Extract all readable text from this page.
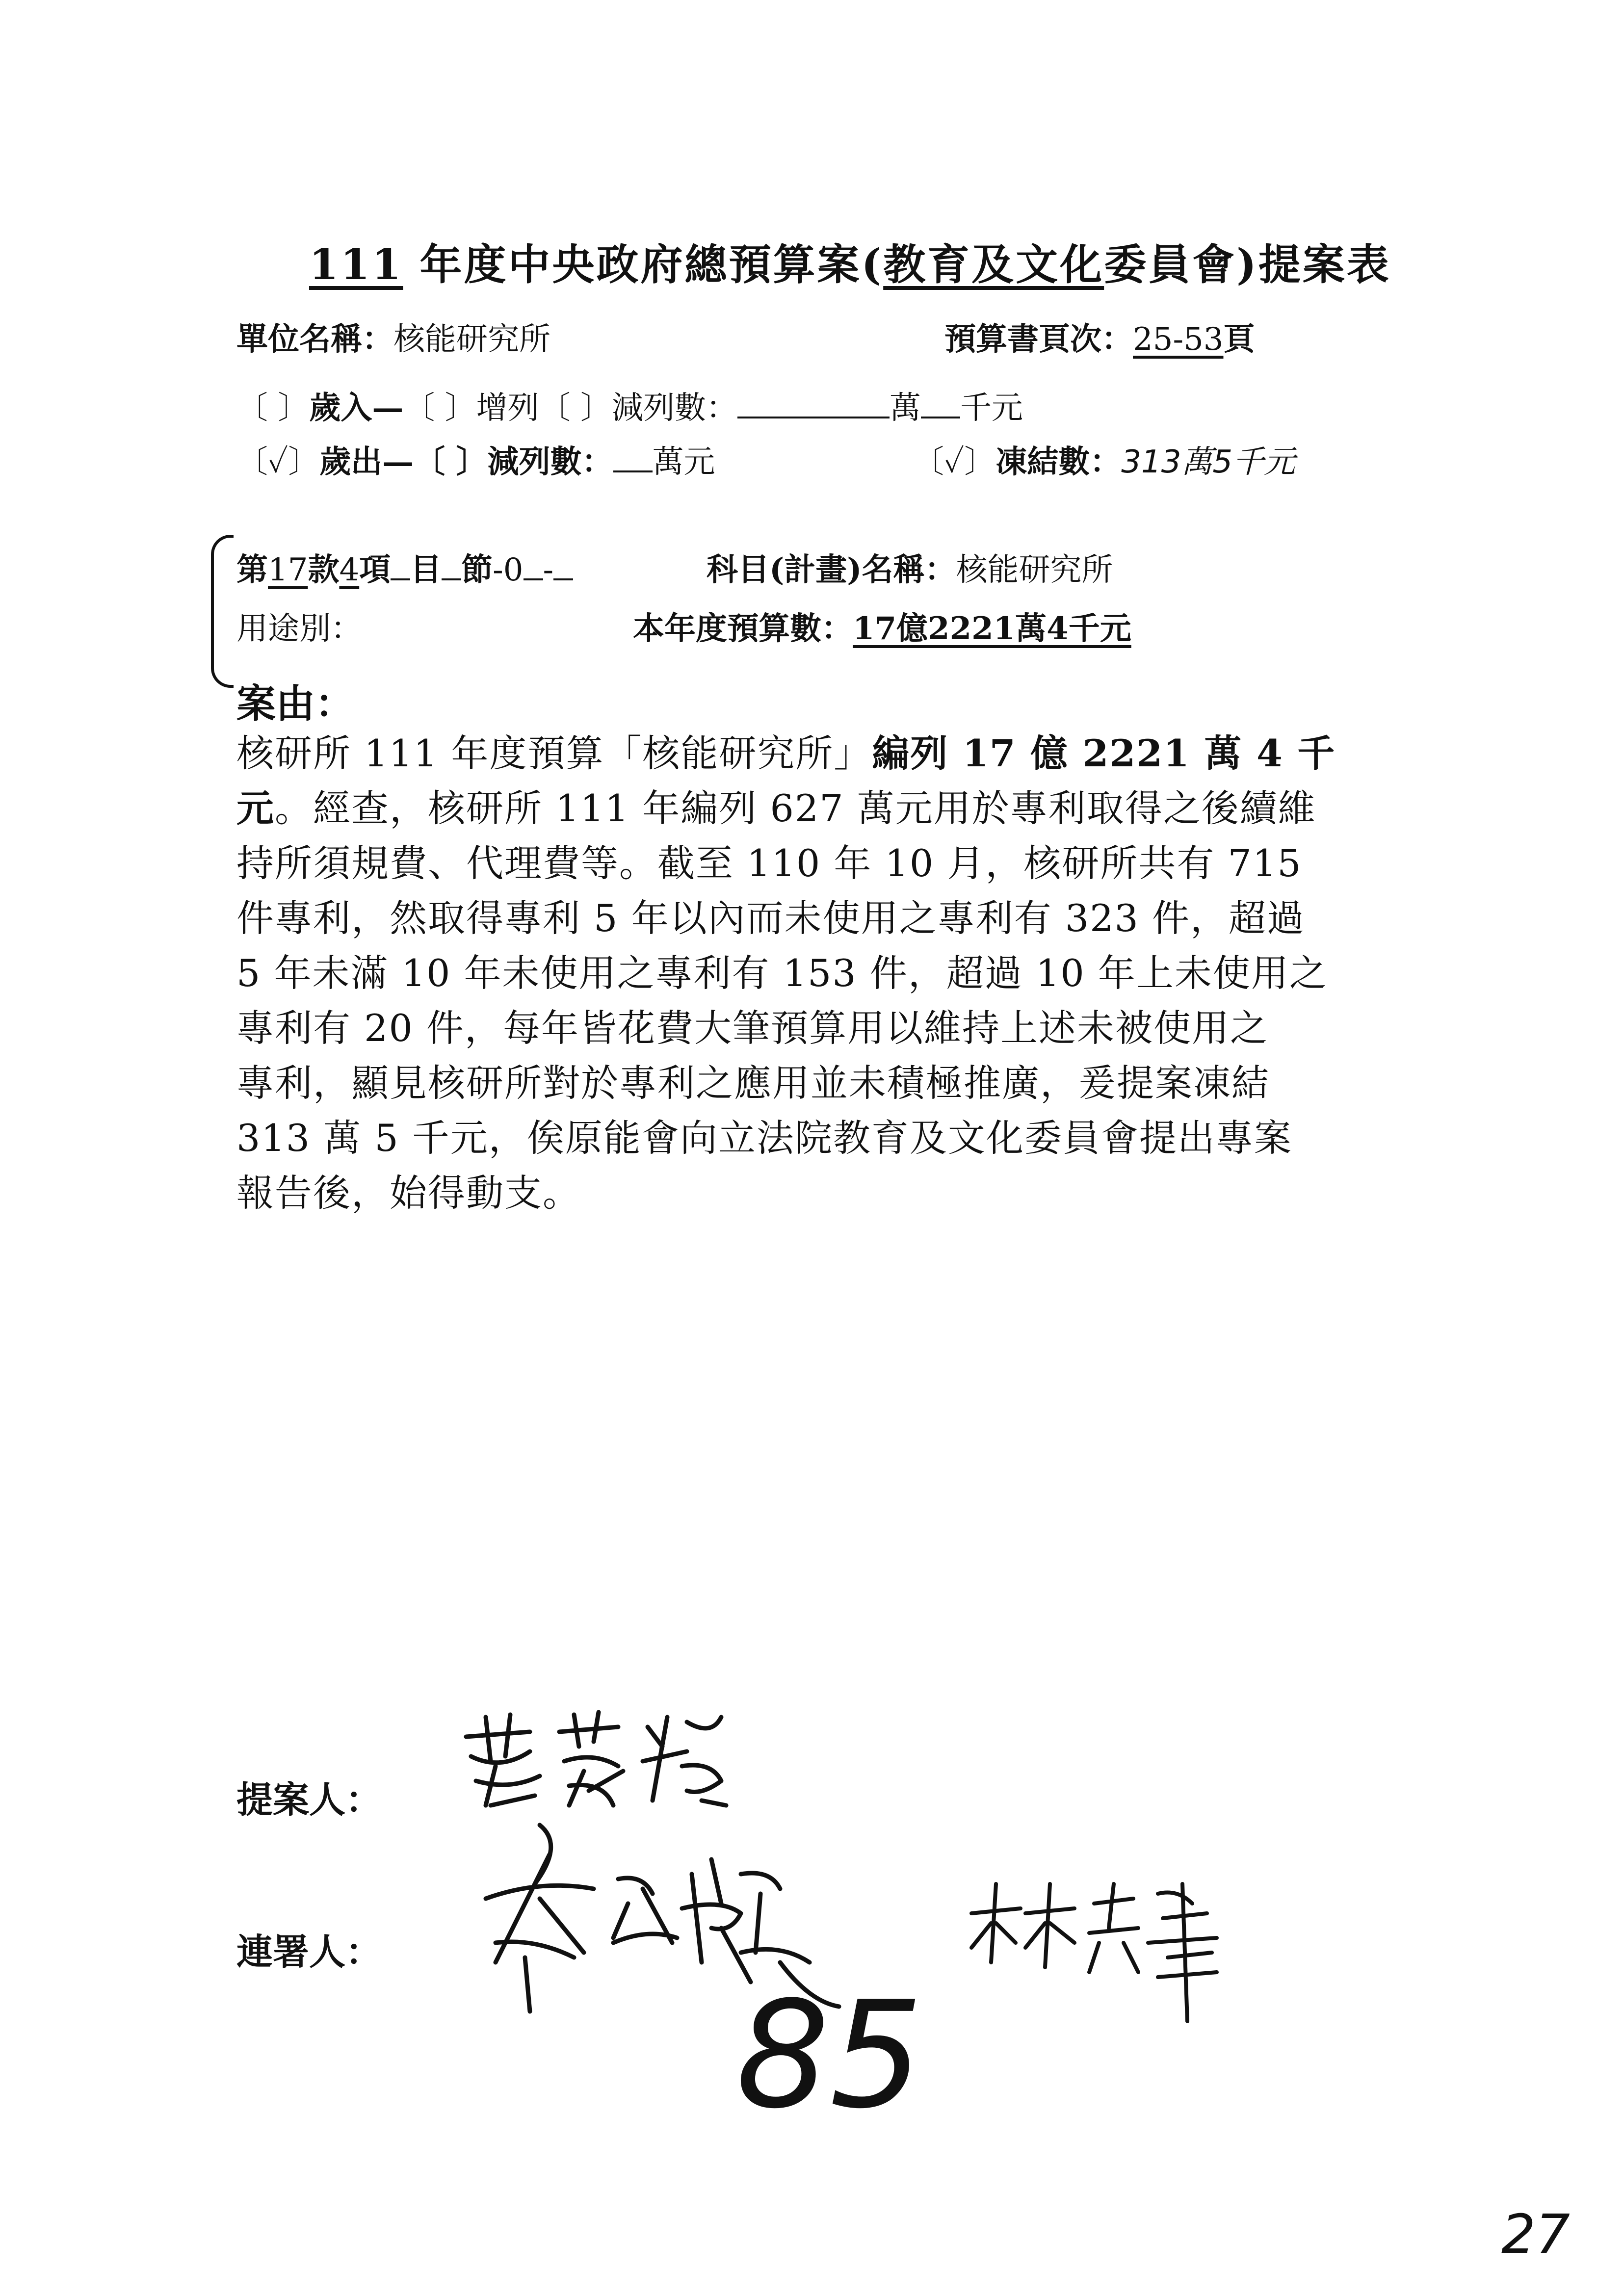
111 年度中央政府總預算案(教育及文化委員會)提案表
單位名稱：核能研究所	預算書頁次：25-53頁
〔 〕歲入—〔 〕增列〔 〕減列數：	萬 千元
〔✓〕歲出—〔 〕減列數： 萬元	〔✓〕凍結數：313萬5千元
第17款4項 目 節-0 -	科目(計畫)名稱：核能研究所
用途別：	本年度預算數：17億2221萬4千元
案由：

核研所 111 年度預算「核能研究所」編列 17 億 2221 萬 4 千

元。經查，核研所 111 年編列 627 萬元用於專利取得之後續維

持所須規費、代理費等。截至 110 年 10 月，核研所共有 715

件專利，然取得專利 5 年以內而未使用之專利有 323 件，超過

5 年未滿 10 年未使用之專利有 153 件，超過 10 年上未使用之

專利有 20 件，每年皆花費大筆預算用以維持上述未被使用之

專利，顯見核研所對於專利之應用並未積極推廣，爰提案凍結

313 萬 5 千元，俟原能會向立法院教育及文化委員會提出專案

報告後，始得動支。

提案人：
連署人：
85
27
